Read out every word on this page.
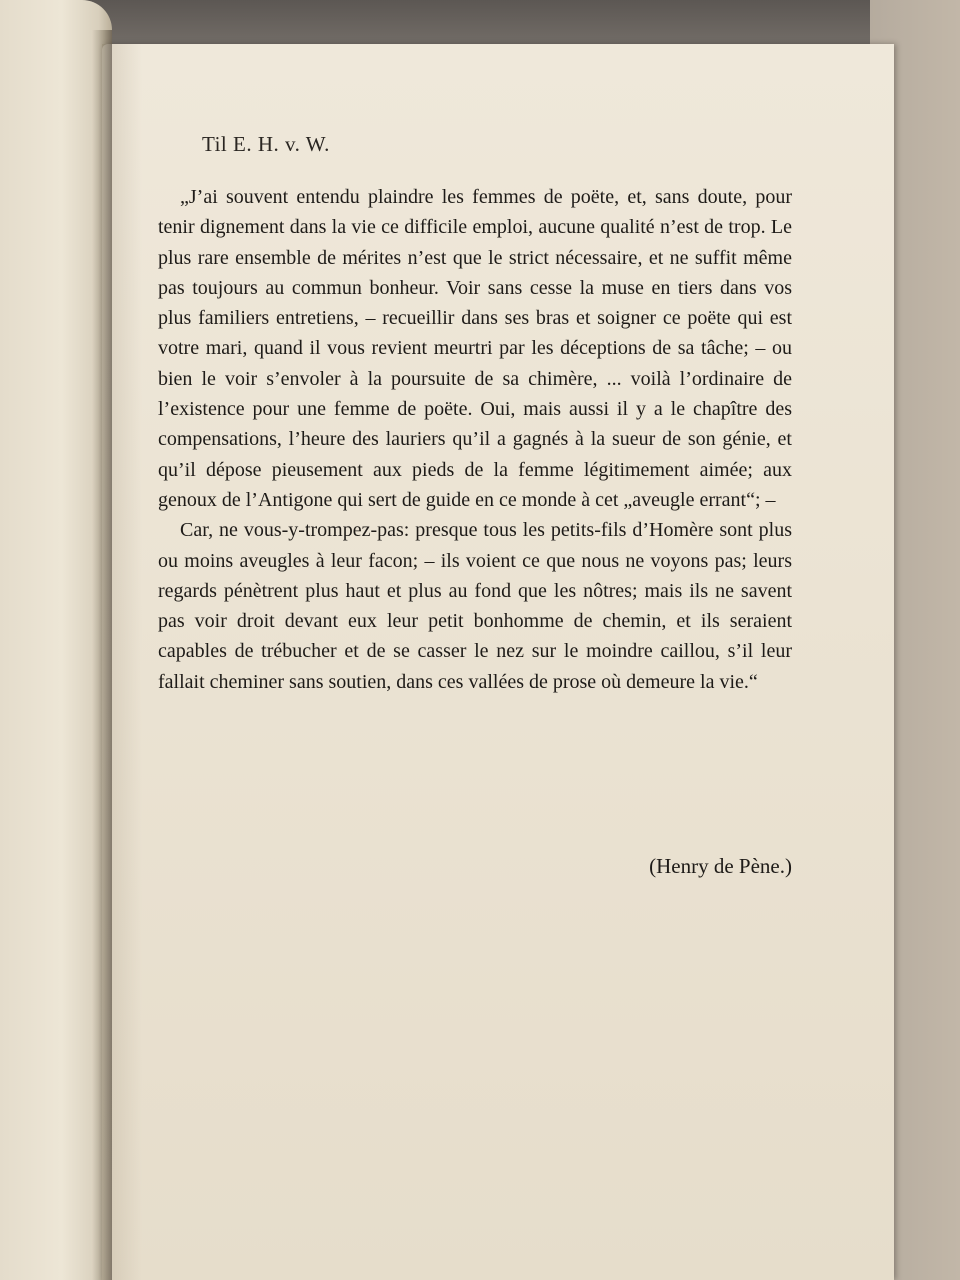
Til E. H. v. W.

„J’ai souvent entendu plaindre les femmes de poëte, et, sans doute, pour tenir dignement dans la vie ce difficile emploi, aucune qualité n’est de trop. Le plus rare ensemble de mérites n’est que le strict nécessaire, et ne suffit même pas toujours au commun bonheur. Voir sans cesse la muse en tiers dans vos plus familiers entretiens, – recueillir dans ses bras et soigner ce poëte qui est votre mari, quand il vous revient meurtri par les déceptions de sa tâche; – ou bien le voir s’envoler à la poursuite de sa chimère, ... voilà l’ordinaire de l’existence pour une femme de poëte. Oui, mais aussi il y a le chapître des compensations, l’heure des lauriers qu’il a gagnés à la sueur de son génie, et qu’il dépose pieusement aux pieds de la femme légitimement aimée; aux genoux de l’Antigone qui sert de guide en ce monde à cet „aveugle errant“; –

Car, ne vous-y-trompez-pas: presque tous les petits-fils d’Homère sont plus ou moins aveugles à leur facon; – ils voient ce que nous ne voyons pas; leurs regards pénètrent plus haut et plus au fond que les nôtres; mais ils ne savent pas voir droit devant eux leur petit bonhomme de chemin, et ils seraient capables de trébucher et de se casser le nez sur le moindre caillou, s’il leur fallait cheminer sans soutien, dans ces vallées de prose où demeure la vie.“

(Henry de Pène.)
